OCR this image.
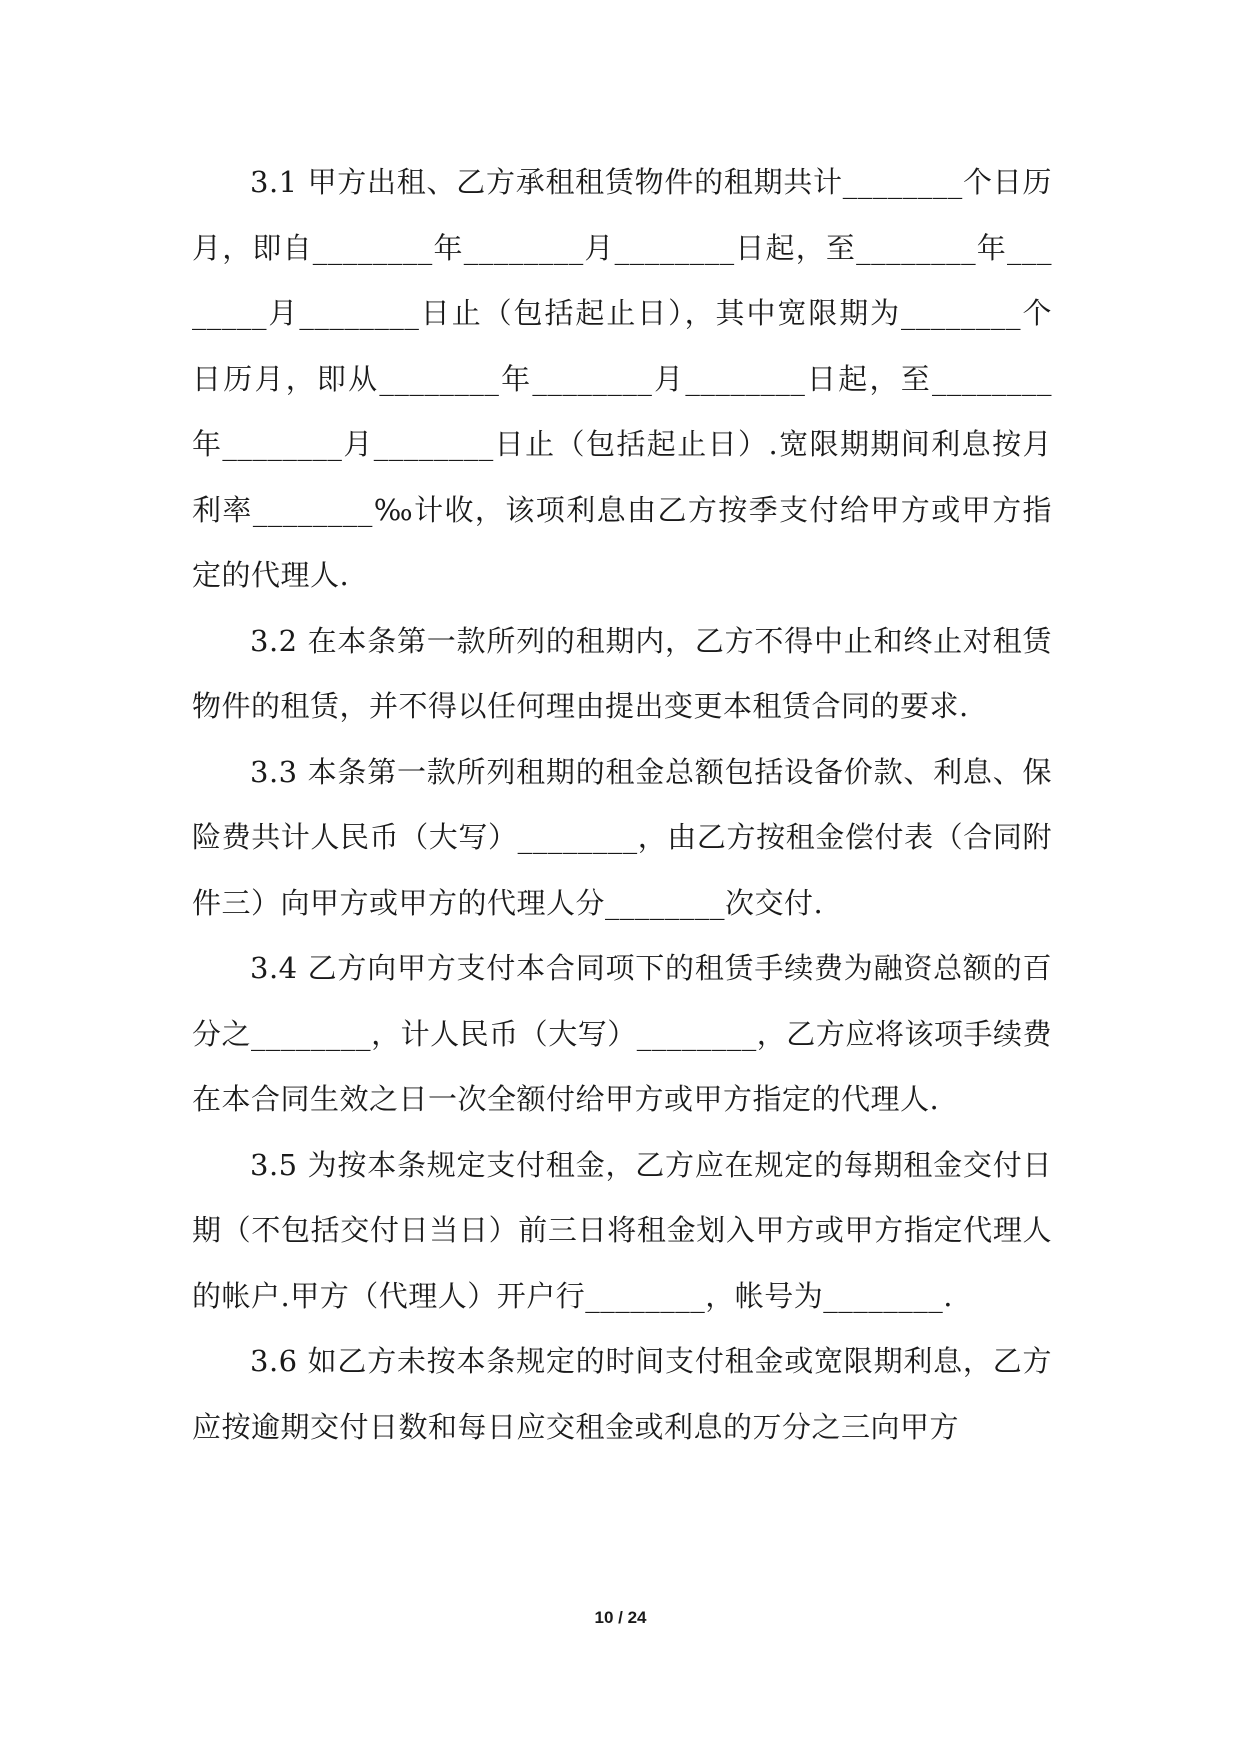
3.1 甲方出租、乙方承租租赁物件的租期共计________个日历月，即自________年________月________日起，至________年________月________日止（包括起止日），其中宽限期为________个日历月，即从________年________月________日起，至________年________月________日止（包括起止日）.宽限期期间利息按月利率________‰计收，该项利息由乙方按季支付给甲方或甲方指定的代理人.

3.2 在本条第一款所列的租期内，乙方不得中止和终止对租赁物件的租赁，并不得以任何理由提出变更本租赁合同的要求.

3.3 本条第一款所列租期的租金总额包括设备价款、利息、保险费共计人民币（大写）________，由乙方按租金偿付表（合同附件三）向甲方或甲方的代理人分________次交付.

3.4 乙方向甲方支付本合同项下的租赁手续费为融资总额的百分之________，计人民币（大写）________，乙方应将该项手续费在本合同生效之日一次全额付给甲方或甲方指定的代理人.

3.5 为按本条规定支付租金，乙方应在规定的每期租金交付日期（不包括交付日当日）前三日将租金划入甲方或甲方指定代理人的帐户.甲方（代理人）开户行________，帐号为________.

3.6 如乙方未按本条规定的时间支付租金或宽限期利息，乙方应按逾期交付日数和每日应交租金或利息的万分之三向甲方

10 / 24
